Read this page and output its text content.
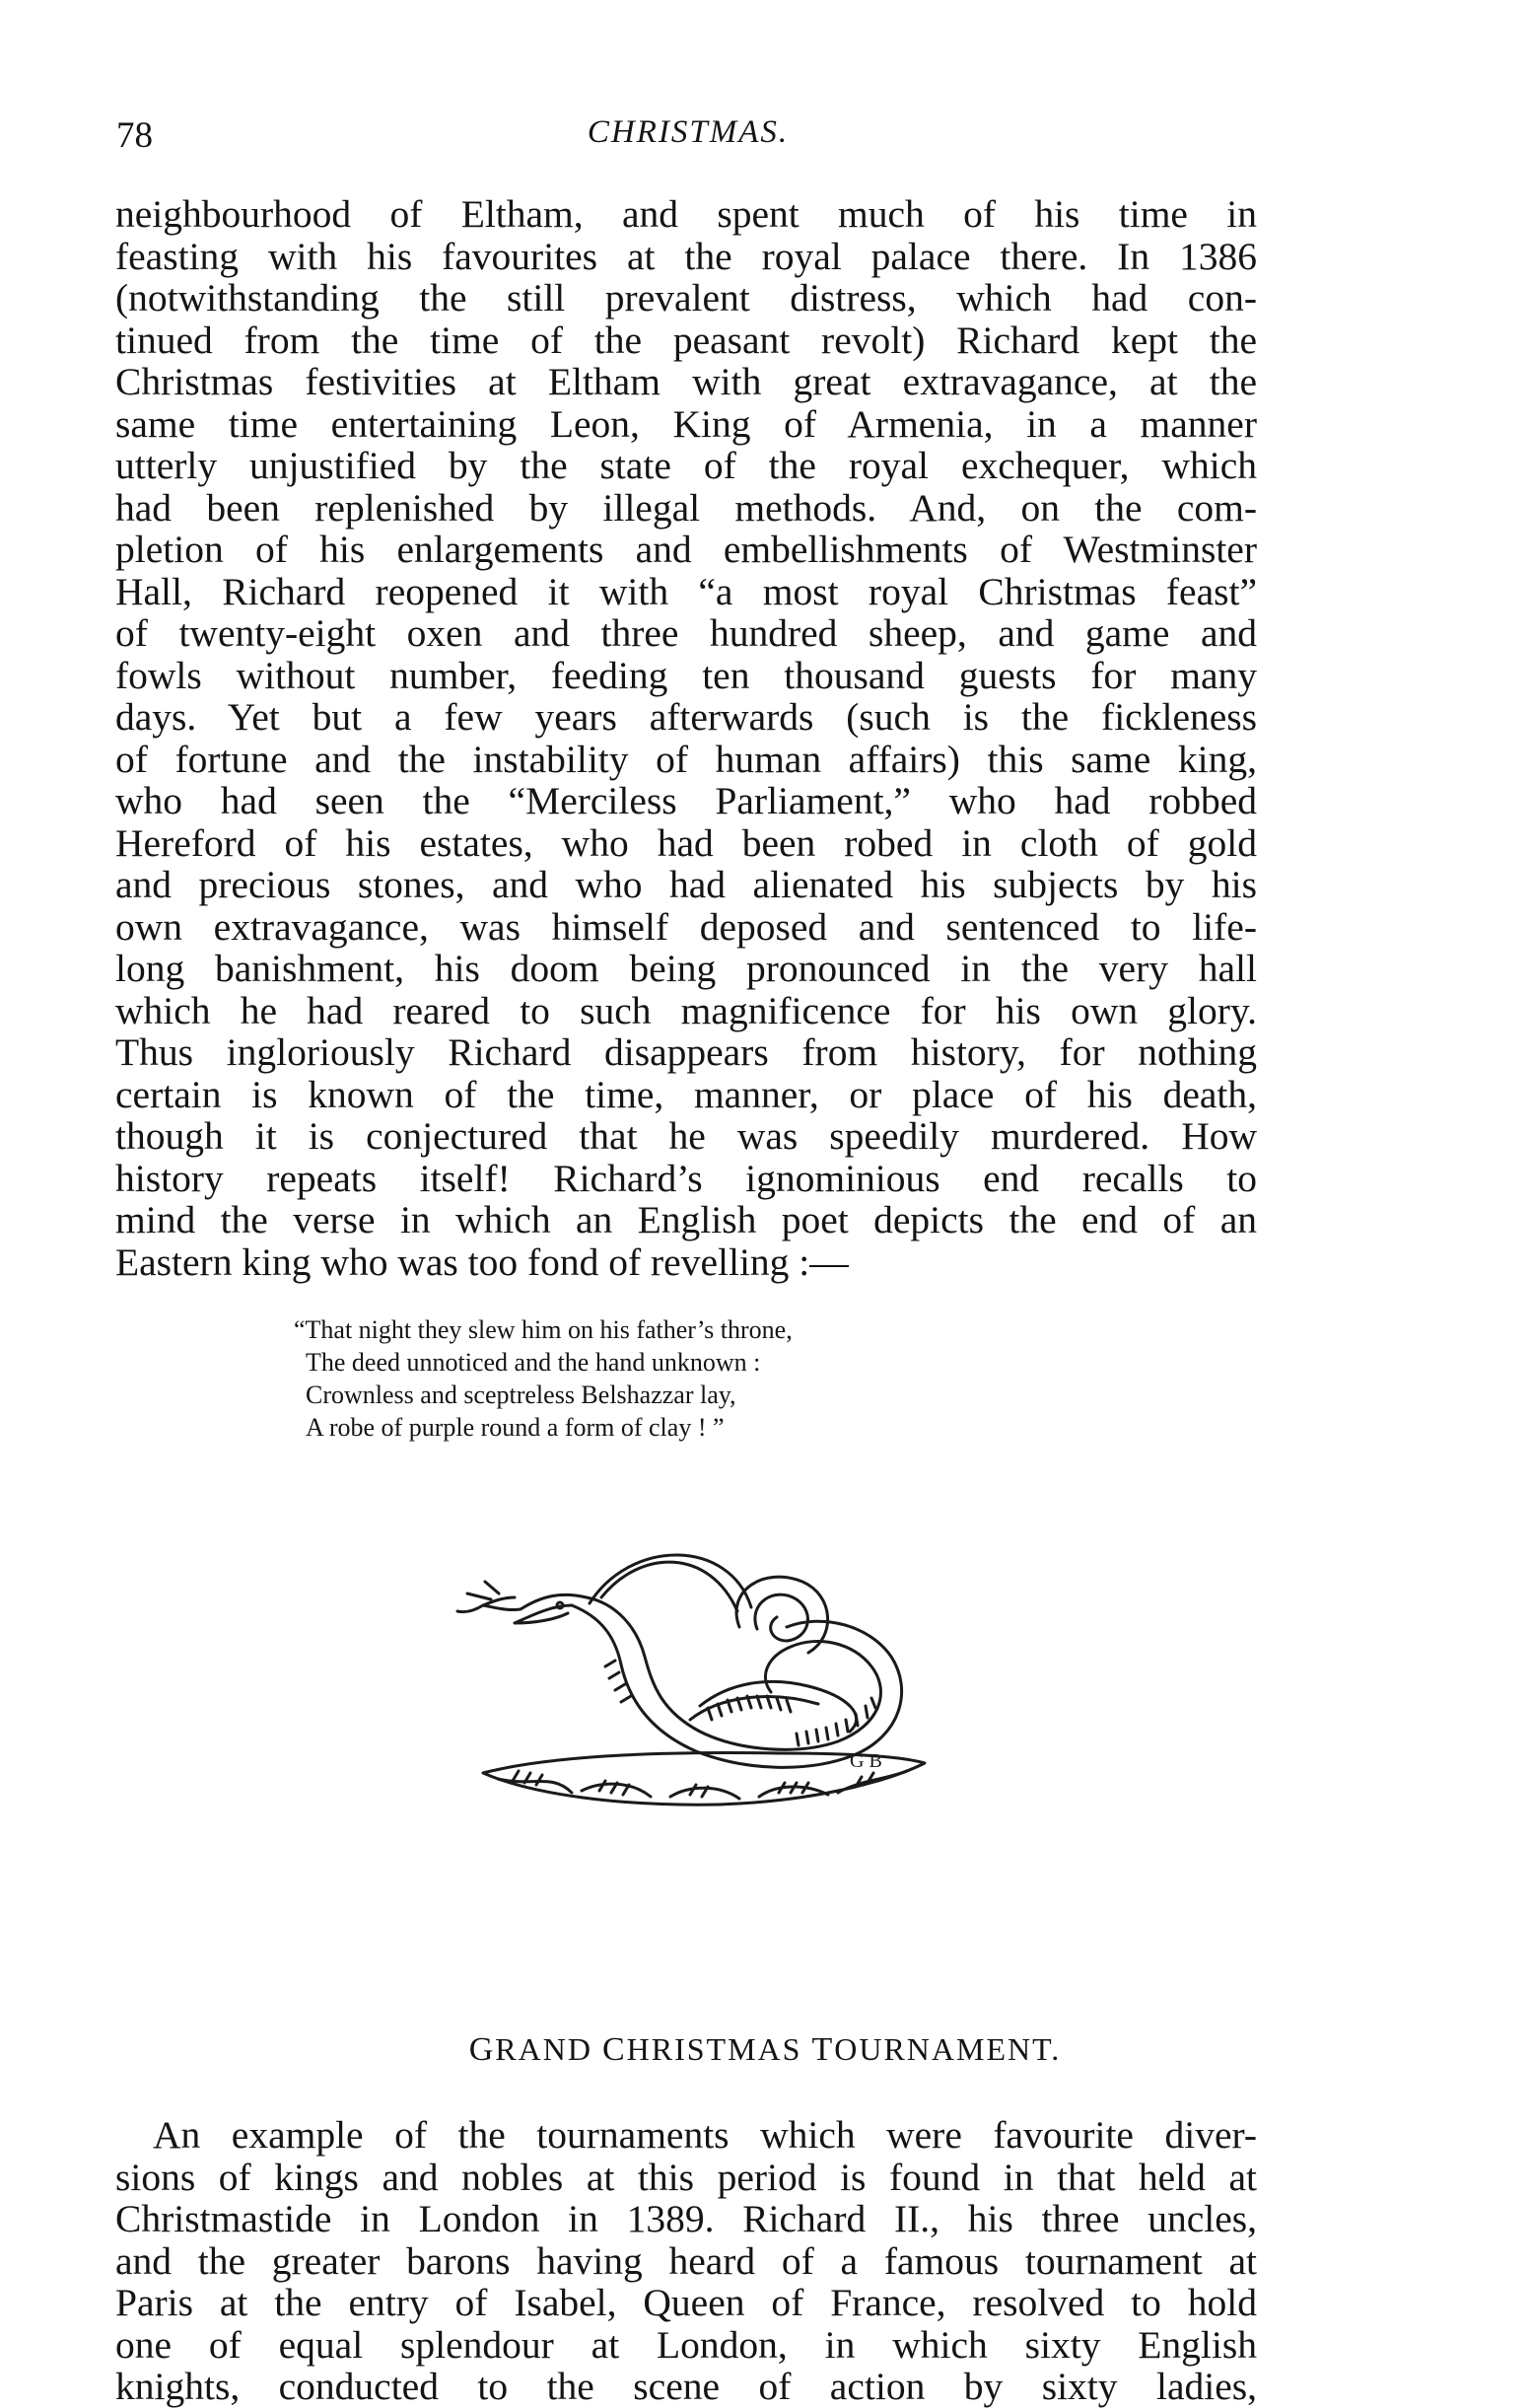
78	CHRISTMAS.
neighbourhood of Eltham, and spent much of his time in
feasting with his favourites at the royal palace there. In 1386
(notwithstanding the still prevalent distress, which had con-
tinued from the time of the peasant revolt) Richard kept the
Christmas festivities at Eltham with great extravagance, at the
same time entertaining Leon, King of Armenia, in a manner
utterly unjustified by the state of the royal exchequer, which
had been replenished by illegal methods. And, on the com-
pletion of his enlargements and embellishments of Westminster
Hall, Richard reopened it with “a most royal Christmas feast”
of twenty-eight oxen and three hundred sheep, and game and
fowls without number, feeding ten thousand guests for many
days. Yet but a few years afterwards (such is the fickleness
of fortune and the instability of human affairs) this same king,
who had seen the “Merciless Parliament,” who had robbed
Hereford of his estates, who had been robed in cloth of gold
and precious stones, and who had alienated his subjects by his
own extravagance, was himself deposed and sentenced to life-
long banishment, his doom being pronounced in the very hall
which he had reared to such magnificence for his own glory.
Thus ingloriously Richard disappears from history, for nothing
certain is known of the time, manner, or place of his death,
though it is conjectured that he was speedily murdered. How
history repeats itself! Richard’s ignominious end recalls to
mind the verse in which an English poet depicts the end of an
Eastern king who was too fond of revelling :—
“That night they slew him on his father’s throne,
The deed unnoticed and the hand unknown :
Crownless and sceptreless Belshazzar lay,
A robe of purple round a form of clay ! ”
G B
GRAND CHRISTMAS TOURNAMENT.
An example of the tournaments which were favourite diver-
sions of kings and nobles at this period is found in that held at
Christmastide in London in 1389. Richard II., his three uncles,
and the greater barons having heard of a famous tournament at
Paris at the entry of Isabel, Queen of France, resolved to hold
one of equal splendour at London, in which sixty English
knights, conducted to the scene of action by sixty ladies,
